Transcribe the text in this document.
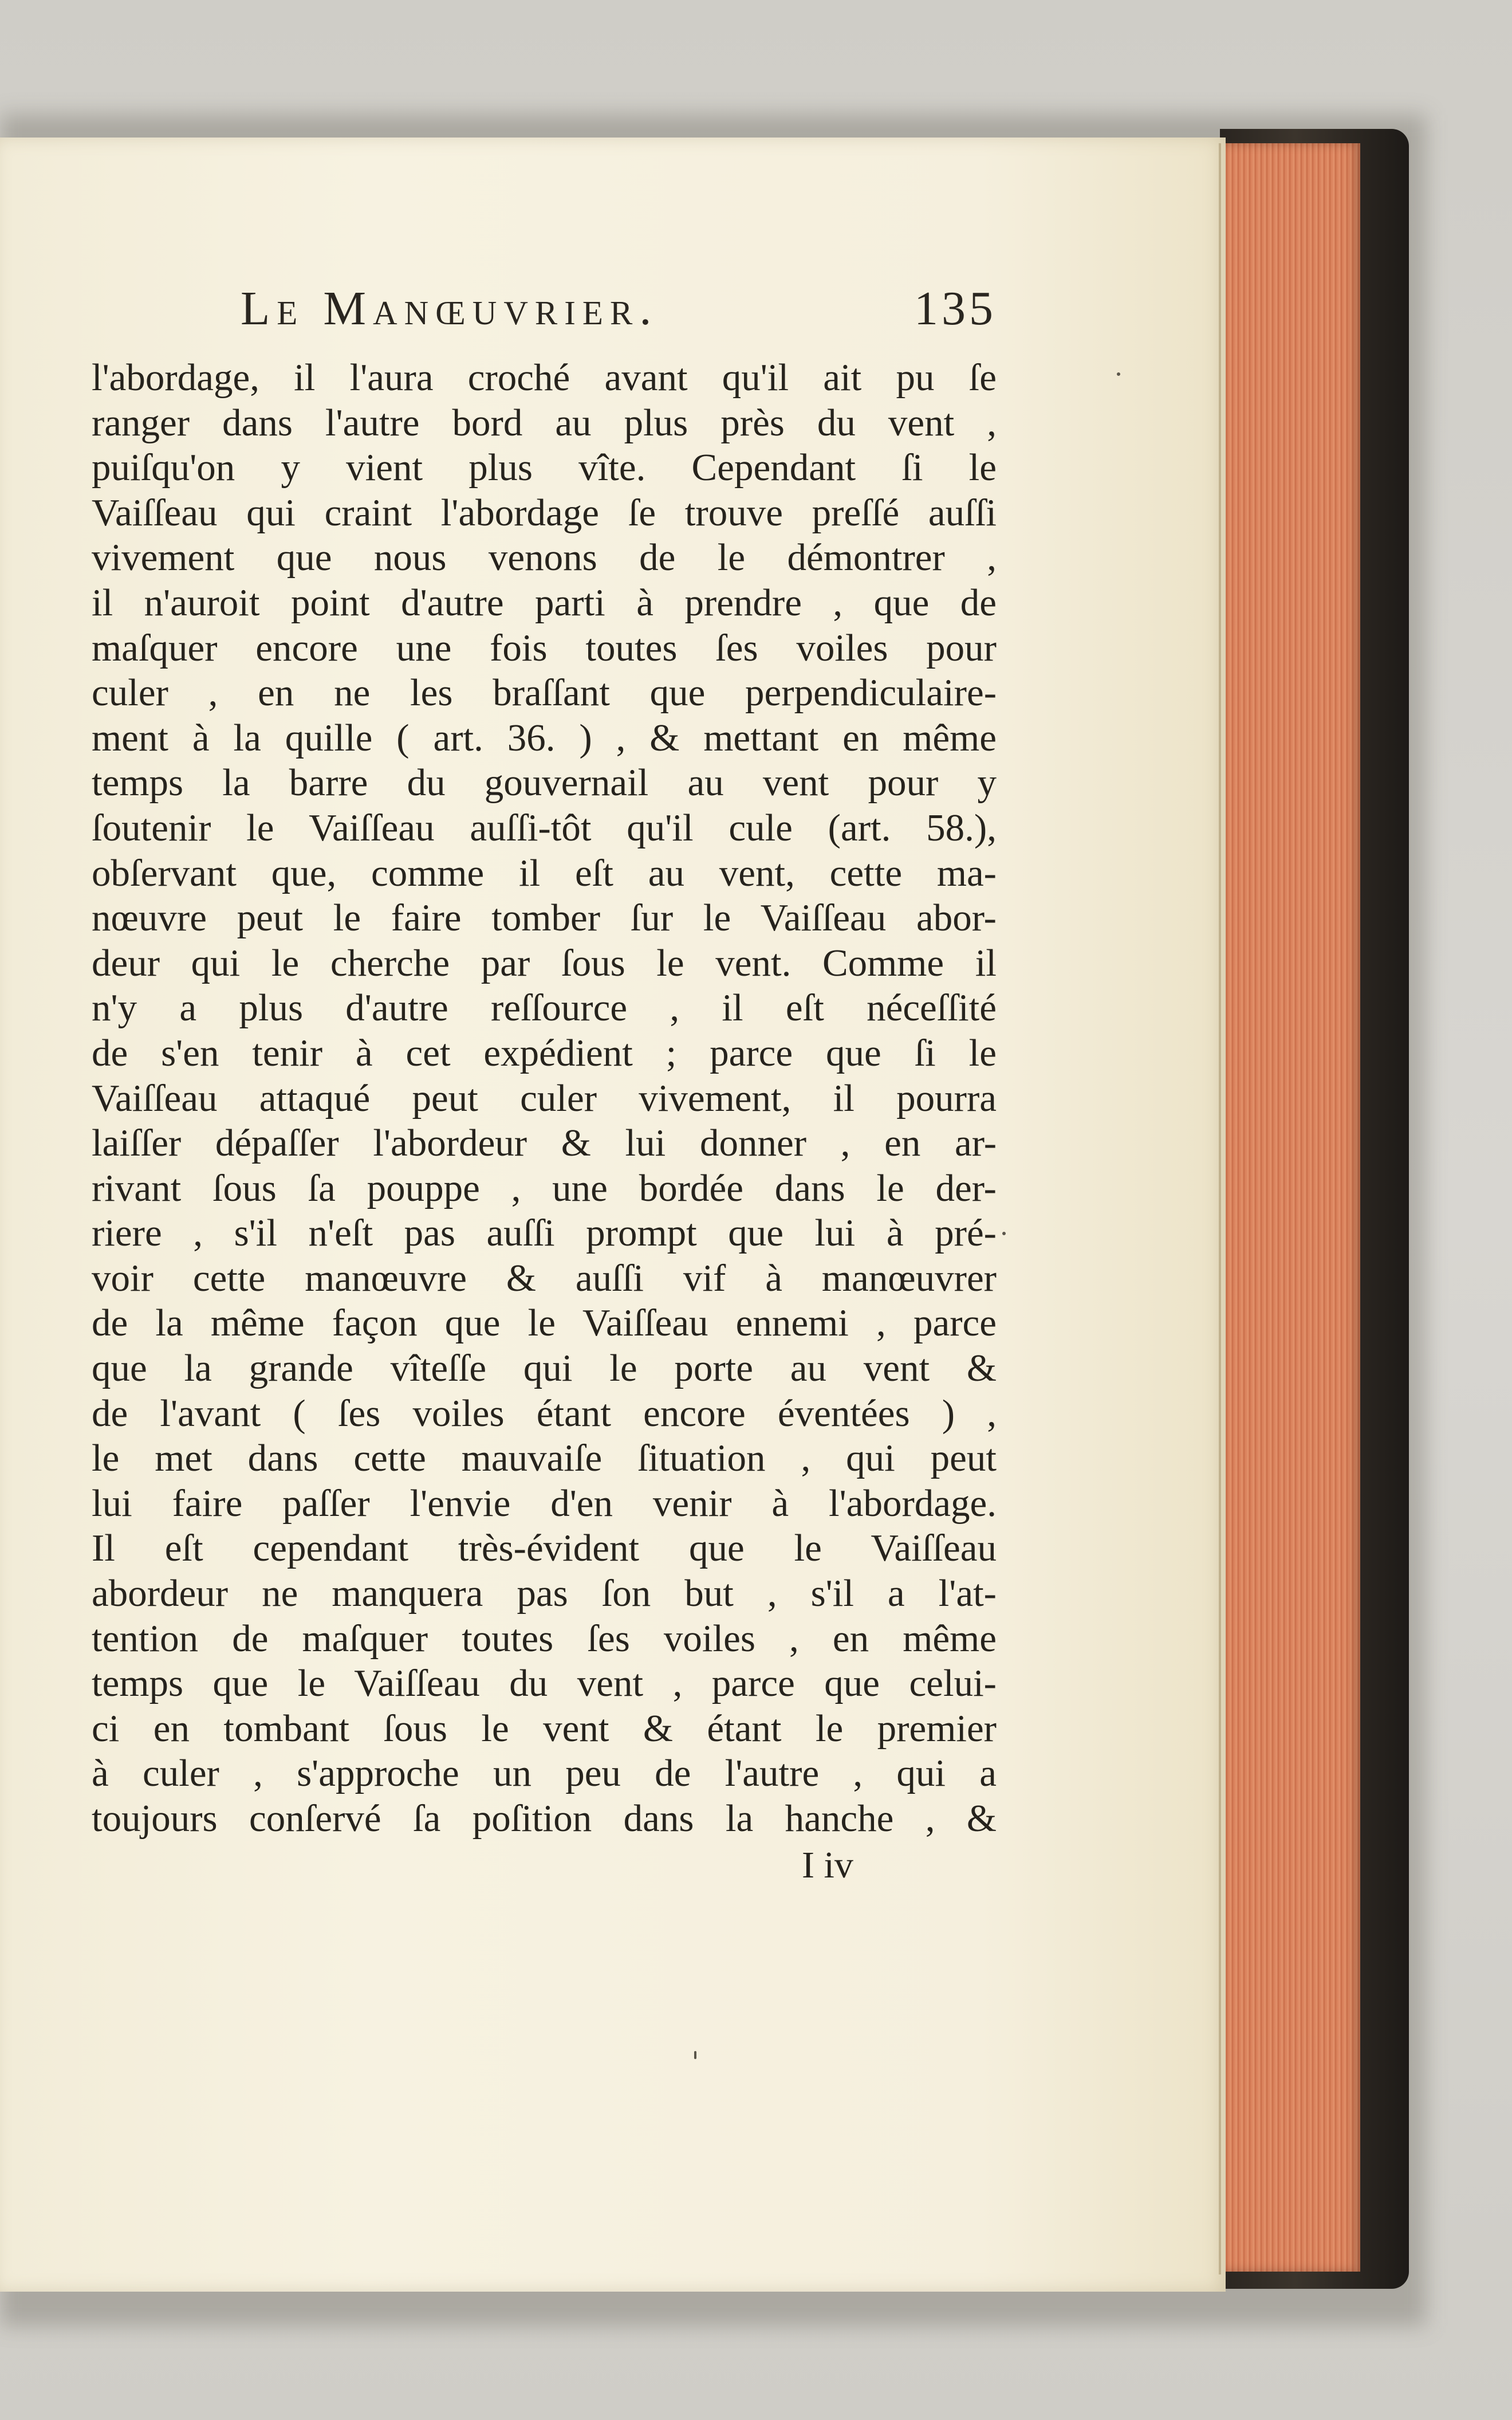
Le Manœuvrier.	135
l'abordage, il l'aura croché avant qu'il ait pu ſe
ranger dans l'autre bord au plus près du vent ,
puiſqu'on y vient plus vîte. Cependant ſi le
Vaiſſeau qui craint l'abordage ſe trouve preſſé auſſi
vivement que nous venons de le démontrer ,
il n'auroit point d'autre parti à prendre , que de
maſquer encore une fois toutes ſes voiles pour
culer , en ne les braſſant que perpendiculaire-
ment à la quille ( art. 36. ) , & mettant en même
temps la barre du gouvernail au vent pour y
ſoutenir le Vaiſſeau auſſi-tôt qu'il cule (art. 58.),
obſervant que, comme il eſt au vent, cette ma-
nœuvre peut le faire tomber ſur le Vaiſſeau abor-
deur qui le cherche par ſous le vent. Comme il
n'y a plus d'autre reſſource , il eſt néceſſité
de s'en tenir à cet expédient ; parce que ſi le
Vaiſſeau attaqué peut culer vivement, il pourra
laiſſer dépaſſer l'abordeur & lui donner , en ar-
rivant ſous ſa pouppe , une bordée dans le der-
riere , s'il n'eſt pas auſſi prompt que lui à pré-
voir cette manœuvre & auſſi vif à manœuvrer
de la même façon que le Vaiſſeau ennemi , parce
que la grande vîteſſe qui le porte au vent &
de l'avant ( ſes voiles étant encore éventées ) ,
le met dans cette mauvaiſe ſituation , qui peut
lui faire paſſer l'envie d'en venir à l'abordage.
Il eſt cependant très-évident que le Vaiſſeau
abordeur ne manquera pas ſon but , s'il a l'at-
tention de maſquer toutes ſes voiles , en même
temps que le Vaiſſeau du vent , parce que celui-
ci en tombant ſous le vent & étant le premier
à culer , s'approche un peu de l'autre , qui a
toujours conſervé ſa poſition dans la hanche , &
I iv
